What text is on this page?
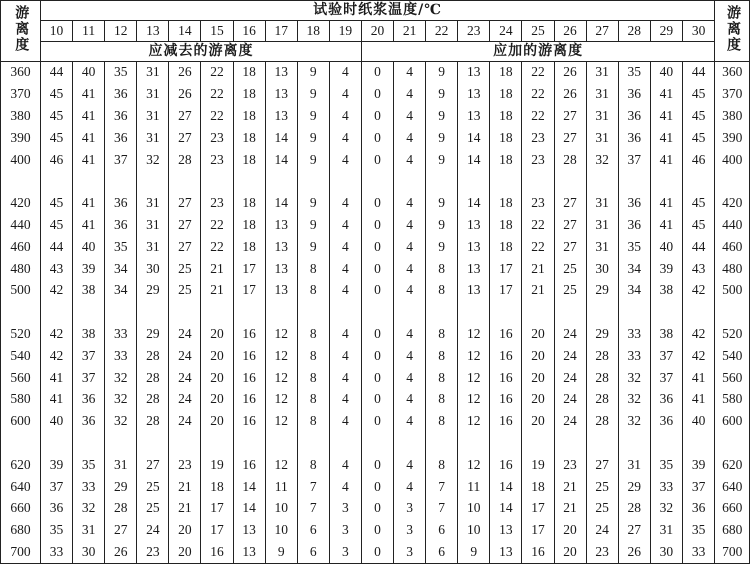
游离度	试验时纸浆温度/℃																					游离度
	10	11	12	13	14	15	16	17	18	19	20	21	22	23	24	25	26	27	28	29	30	
	应减去的游离度										应加的游离度											
360	44	40	35	31	26	22	18	13	9	4	0	4	9	13	18	22	26	31	35	40	44	360
370	45	41	36	31	26	22	18	13	9	4	0	4	9	13	18	22	26	31	36	41	45	370
380	45	41	36	31	27	22	18	13	9	4	0	4	9	13	18	22	27	31	36	41	45	380
390	45	41	36	31	27	23	18	14	9	4	0	4	9	14	18	23	27	31	36	41	45	390
400	46	41	37	32	28	23	18	14	9	4	0	4	9	14	18	23	28	32	37	41	46	400

420	45	41	36	31	27	23	18	14	9	4	0	4	9	14	18	23	27	31	36	41	45	420
440	45	41	36	31	27	22	18	13	9	4	0	4	9	13	18	22	27	31	36	41	45	440
460	44	40	35	31	27	22	18	13	9	4	0	4	9	13	18	22	27	31	35	40	44	460
480	43	39	34	30	25	21	17	13	8	4	0	4	8	13	17	21	25	30	34	39	43	480
500	42	38	34	29	25	21	17	13	8	4	0	4	8	13	17	21	25	29	34	38	42	500

520	42	38	33	29	24	20	16	12	8	4	0	4	8	12	16	20	24	29	33	38	42	520
540	42	37	33	28	24	20	16	12	8	4	0	4	8	12	16	20	24	28	33	37	42	540
560	41	37	32	28	24	20	16	12	8	4	0	4	8	12	16	20	24	28	32	37	41	560
580	41	36	32	28	24	20	16	12	8	4	0	4	8	12	16	20	24	28	32	36	41	580
600	40	36	32	28	24	20	16	12	8	4	0	4	8	12	16	20	24	28	32	36	40	600

620	39	35	31	27	23	19	16	12	8	4	0	4	8	12	16	19	23	27	31	35	39	620
640	37	33	29	25	21	18	14	11	7	4	0	4	7	11	14	18	21	25	29	33	37	640
660	36	32	28	25	21	17	14	10	7	3	0	3	7	10	14	17	21	25	28	32	36	660
680	35	31	27	24	20	17	13	10	6	3	0	3	6	10	13	17	20	24	27	31	35	680
700	33	30	26	23	20	16	13	9	6	3	0	3	6	9	13	16	20	23	26	30	33	700
